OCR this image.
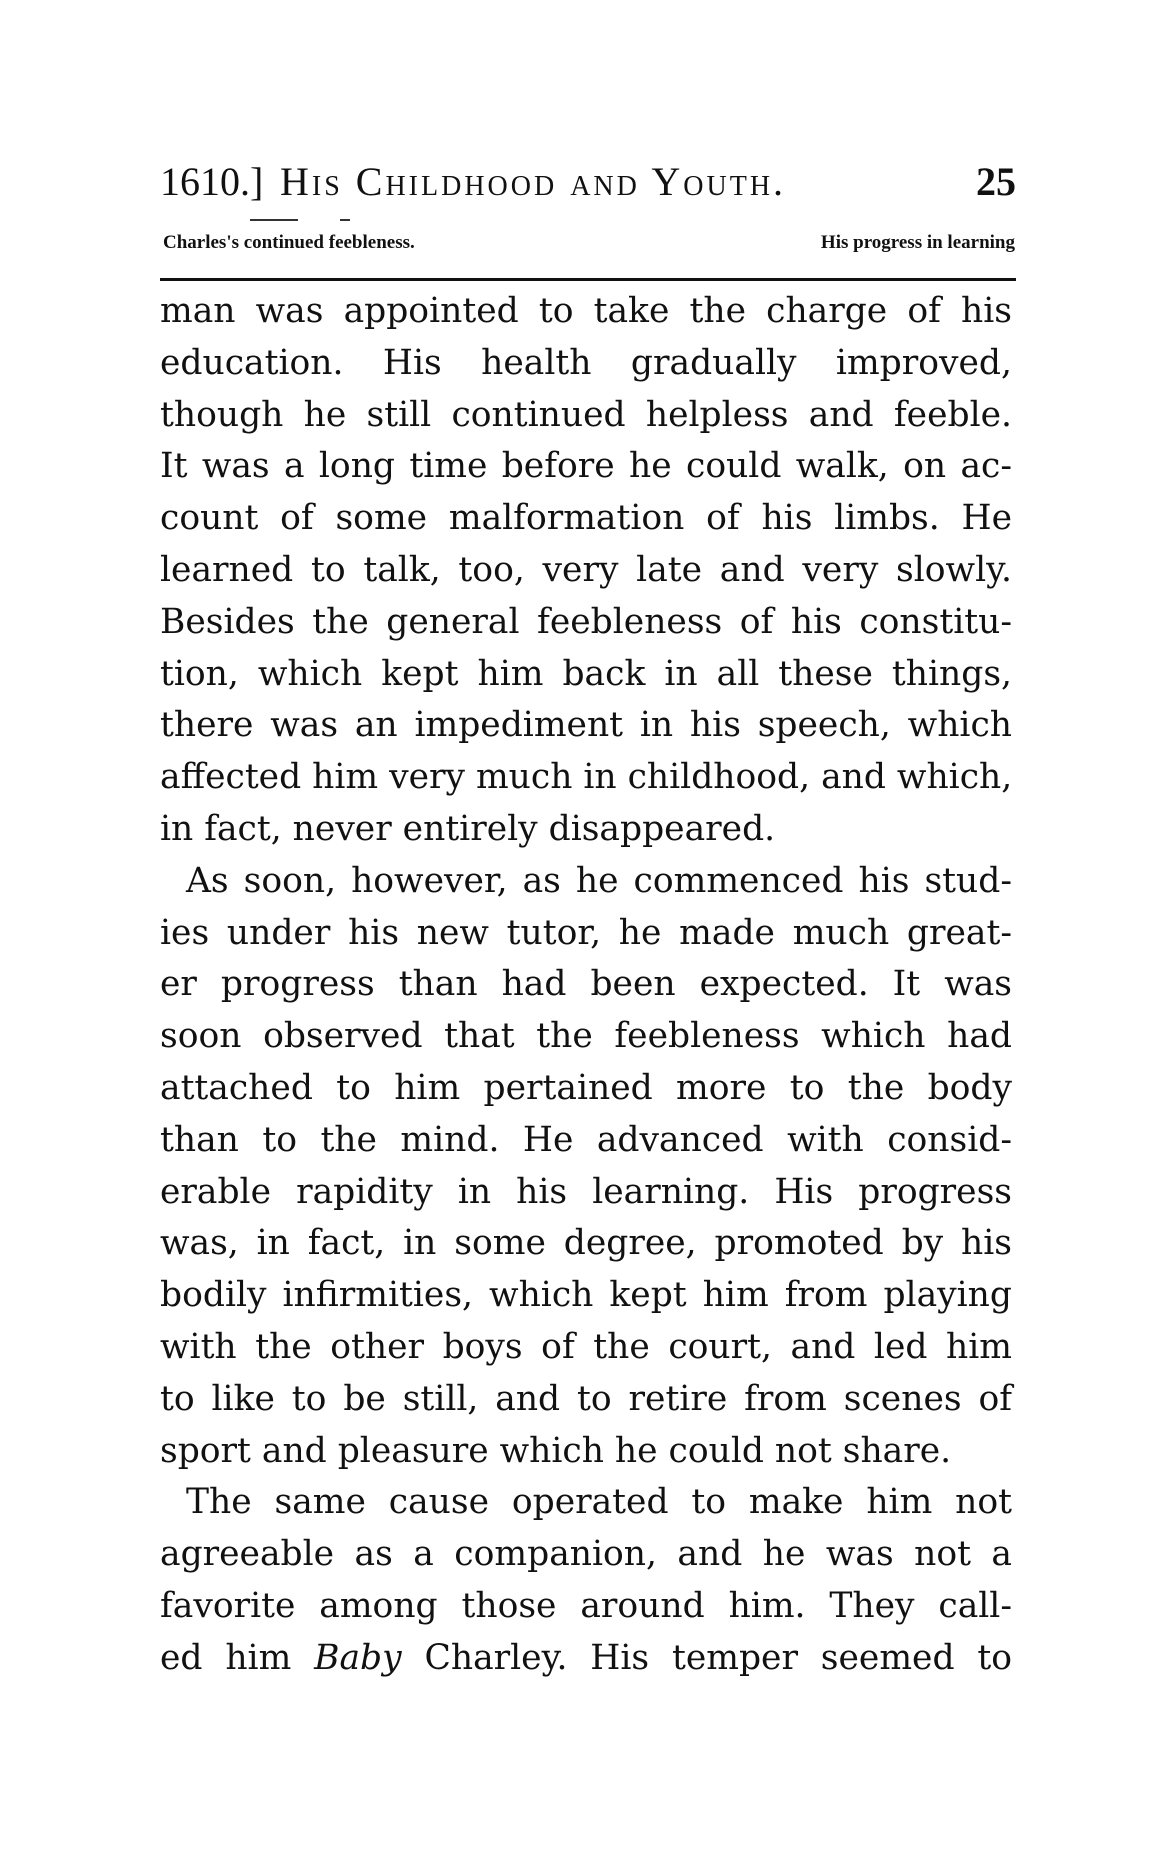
1610.] His Childhood and Youth.	25
Charles's continued feebleness.	His progress in learning
man was appointed to take the charge of his
education. His health gradually improved,
though he still continued helpless and feeble.
It was a long time before he could walk, on ac-
count of some malformation of his limbs. He
learned to talk, too, very late and very slowly.
Besides the general feebleness of his constitu-
tion, which kept him back in all these things,
there was an impediment in his speech, which
affected him very much in childhood, and which,
in fact, never entirely disappeared.
As soon, however, as he commenced his stud-
ies under his new tutor, he made much great-
er progress than had been expected. It was
soon observed that the feebleness which had
attached to him pertained more to the body
than to the mind. He advanced with consid-
erable rapidity in his learning. His progress
was, in fact, in some degree, promoted by his
bodily infirmities, which kept him from playing
with the other boys of the court, and led him
to like to be still, and to retire from scenes of
sport and pleasure which he could not share.
The same cause operated to make him not
agreeable as a companion, and he was not a
favorite among those around him. They call-
ed him Baby Charley. His temper seemed to
